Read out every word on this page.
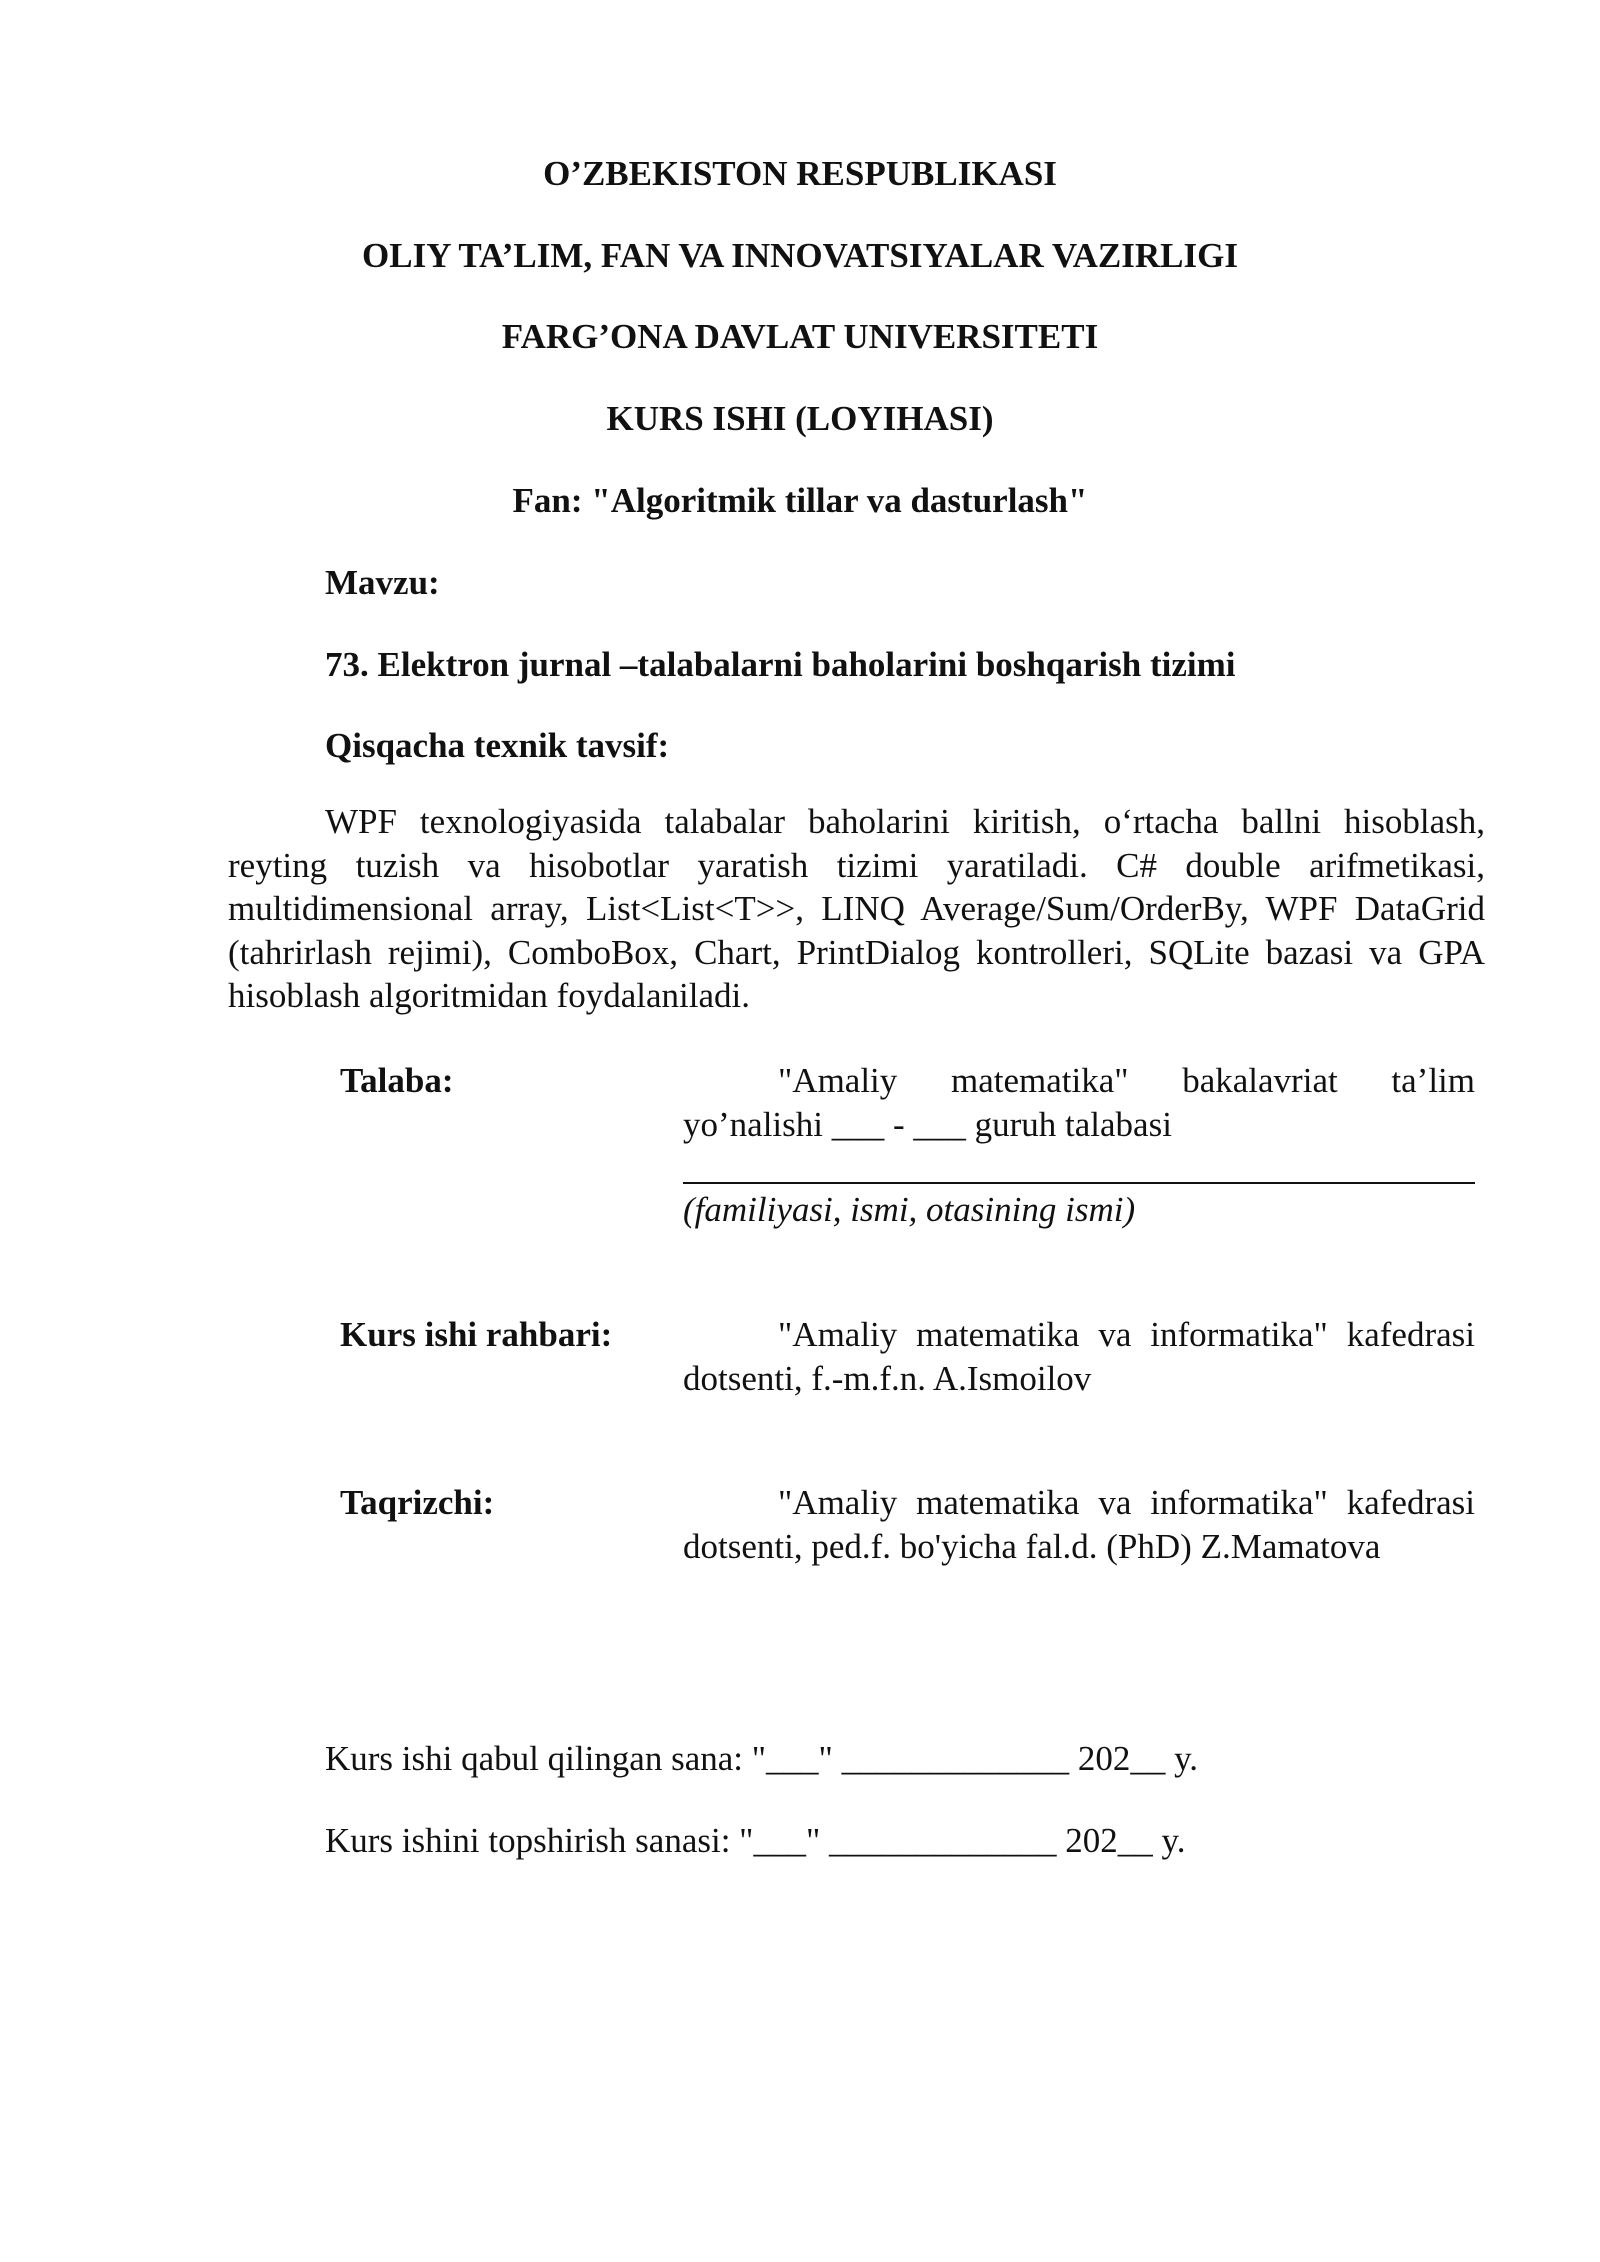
O’ZBEKISTON RESPUBLIKASI
OLIY TA’LIM, FAN VA INNOVATSIYALAR VAZIRLIGI
FARG’ONA DAVLAT UNIVERSITETI
KURS ISHI (LOYIHASI)
Fan: "Algoritmik tillar va dasturlash"
Mavzu:
73. Elektron jurnal –talabalarni baholarini boshqarish tizimi
Qisqacha texnik tavsif:
WPF texnologiyasida talabalar baholarini kiritish, o‘rtacha ballni hisoblash, reyting tuzish va hisobotlar yaratish tizimi yaratiladi. C# double arifmetikasi, multidimensional array, List<List<T>>, LINQ Average/Sum/OrderBy, WPF DataGrid (tahrirlash rejimi), ComboBox, Chart, PrintDialog kontrolleri, SQLite bazasi va GPA hisoblash algoritmidan foydalaniladi.
Talaba:	"Amaliy matematika" bakalavriat ta’lim yo’nalishi ___ - ___ guruh talabasi
(familiyasi, ismi, otasining ismi)
Kurs ishi rahbari:	"Amaliy matematika va informatika" kafedrasi dotsenti, f.-m.f.n. A.Ismoilov
Taqrizchi:	"Amaliy matematika va informatika" kafedrasi dotsenti, ped.f. bo'yicha fal.d. (PhD) Z.Mamatova
Kurs ishi qabul qilingan sana: "___" _____________ 202__ y.
Kurs ishini topshirish sanasi: "___" _____________ 202__ y.
